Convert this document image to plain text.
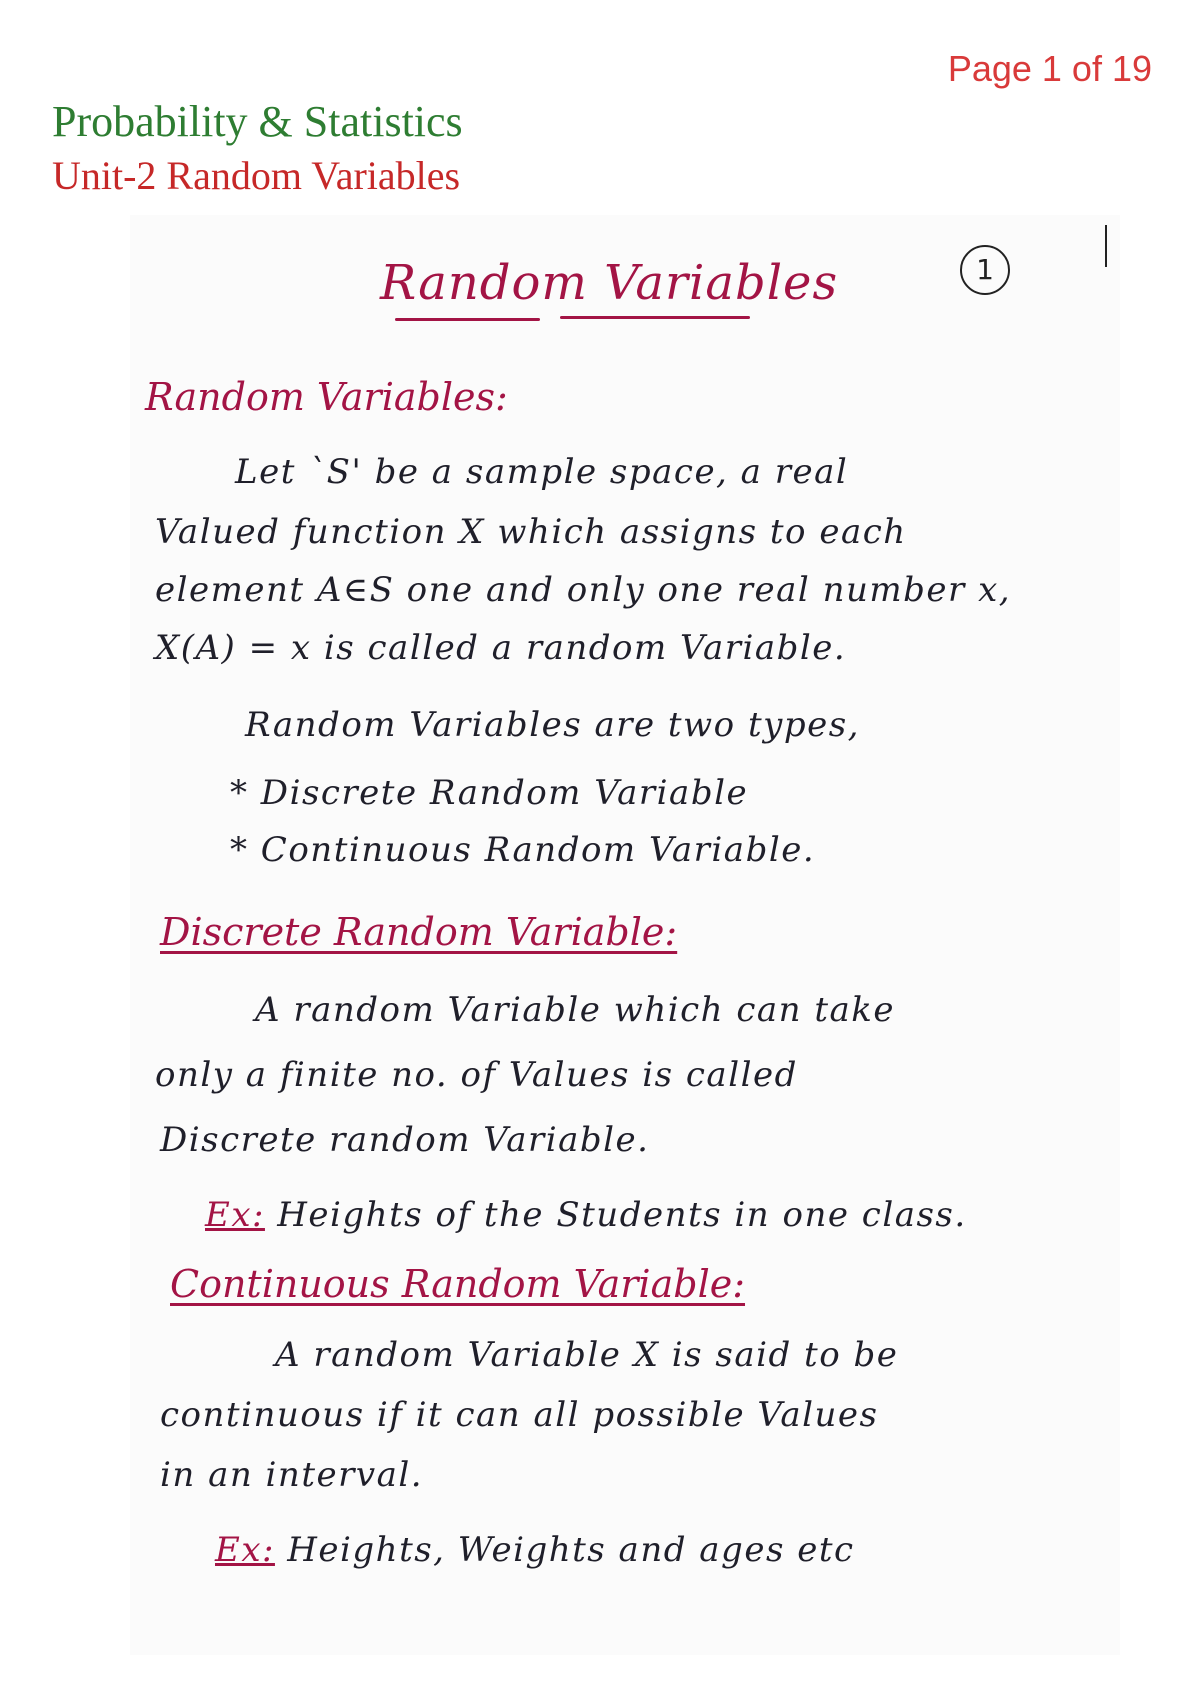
Page 1 of 19
Probability & Statistics
Unit-2 Random Variables
Random Variables	1
Random Variables:
Let `S' be a sample space, a real
Valued function X which assigns to each
element A∈S one and only one real number x,
X(A) = x is called a random Variable.
Random Variables are two types,
* Discrete Random Variable
* Continuous Random Variable.
Discrete Random Variable:
A random Variable which can take
only a finite no. of Values is called
Discrete random Variable.
Ex: Heights of the Students in one class.
Continuous Random Variable:
A random Variable X is said to be
continuous if it can all possible Values
in an interval.
Ex: Heights, Weights and ages etc
